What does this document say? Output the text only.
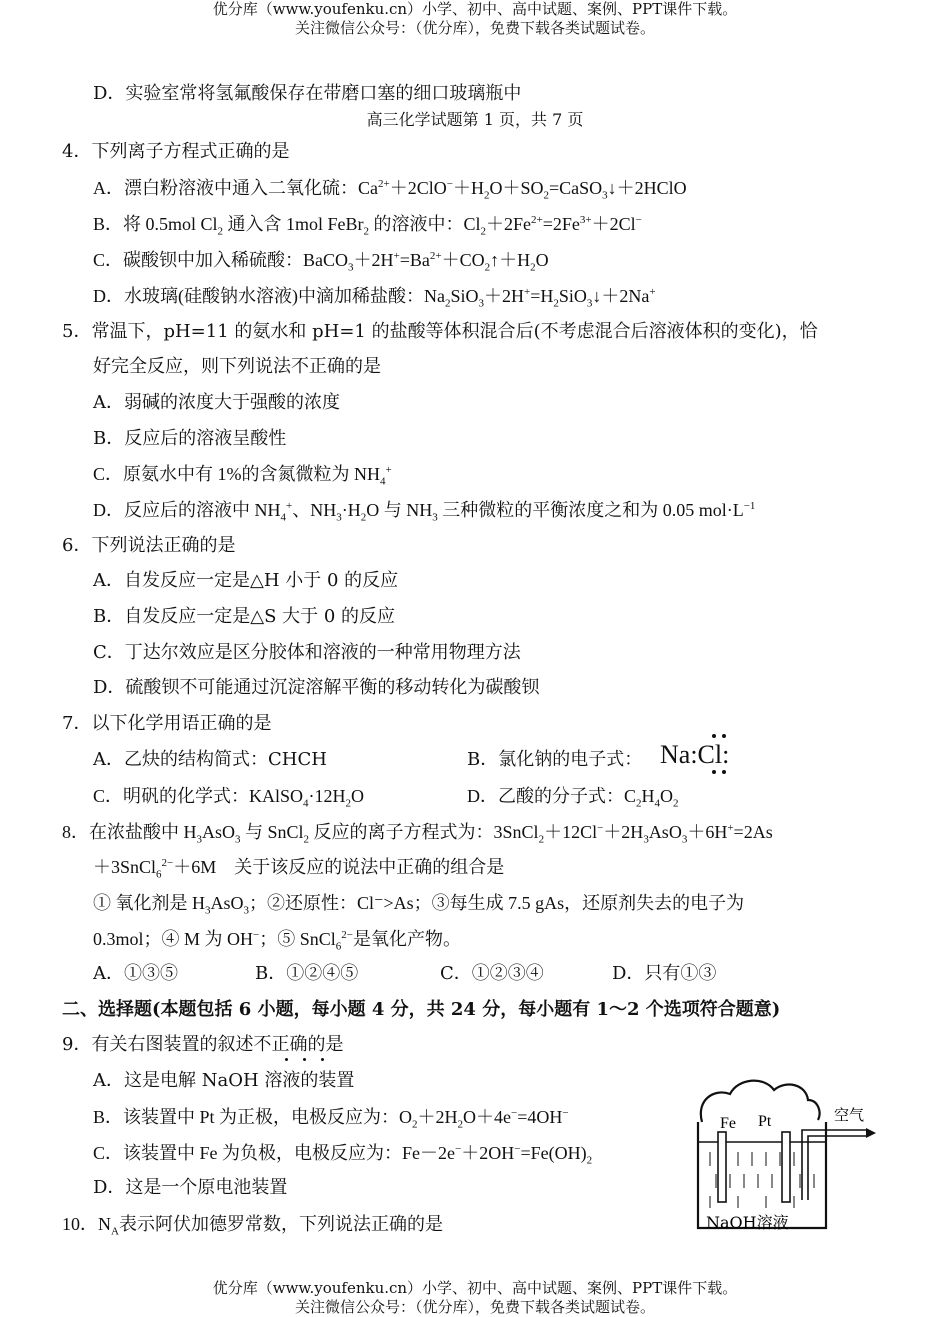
优分库（www.youfenku.cn）小学、初中、高中试题、案例、PPT课件下载。
关注微信公众号：（优分库），免费下载各类试题试卷。
D．实验室常将氢氟酸保存在带磨口塞的细口玻璃瓶中
高三化学试题第 1 页，共 7 页
4．下列离子方程式正确的是
A．漂白粉溶液中通入二氧化硫：$Ca^{2+}+2ClO^-+H_2O+SO_2=CaSO_3↓+2HClO$
B．将 0.5mol $Cl_2$ 通入含 1mol FeBr$_2$ 的溶液中：$Cl_2+2Fe^{2+}=2Fe^{3+}+2Cl^-$
C．碳酸钡中加入稀硫酸：$BaCO_3+2H^+=Ba^{2+}+CO_2↑+H_2O$
D．水玻璃(硅酸钠水溶液)中滴加稀盐酸：$Na_2SiO_3+2H^+=H_2SiO_3↓+2Na^+$
5．常温下，pH=11 的氨水和 pH=1 的盐酸等体积混合后(不考虑混合后溶液体积的变化)，恰
好完全反应，则下列说法不正确的是
A．弱碱的浓度大于强酸的浓度
B．反应后的溶液呈酸性
C．原氨水中有 1%的含氮微粒为 $NH_4^+$
D．反应后的溶液中 $NH_4^+$、$NH_3\cdot H_2O$ 与 $NH_3$ 三种微粒的平衡浓度之和为 0.05 $mol\cdot L^{-1}$
6．下列说法正确的是
A．自发反应一定是△H 小于 0 的反应
B．自发反应一定是△S 大于 0 的反应
C．丁达尔效应是区分胶体和溶液的一种常用物理方法
D．硫酸钡不可能通过沉淀溶解平衡的移动转化为碳酸钡
7．以下化学用语正确的是
A．乙炔的结构简式：CHCH	B．氯化钠的电子式： Na:Cl:
C．明矾的化学式：$KAlSO_4\cdot 12H_2O$	D．乙酸的分子式：$C_2H_4O_2$
8．在浓盐酸中 $H_3AsO_3$ 与 SnCl$_2$ 反应的离子方程式为：$3SnCl_2+12Cl^-+2H_3AsO_3+6H^+=2As$
＋3SnCl$_6^{2-}$＋6M　关于该反应的说法中正确的组合是
① 氧化剂是 $H_3AsO_3$；②还原性：Cl⁻>As；③每生成 7.5 gAs，还原剂失去的电子为
0.3mol；④ M 为 OH−；⑤ SnCl$_6^{2-}$是氧化产物。
A．①③⑤	B．①②④⑤	C．①②③④	D．只有①③
二、选择题(本题包括 6 小题，每小题 4 分，共 24 分，每小题有 1～2 个选项符合题意)
9．有关右图装置的叙述不正确的是
A．这是电解 NaOH 溶液的装置
B．该装置中 Pt 为正极，电极反应为：$O_2+2H_2O+4e^-=4OH^-$
C．该装置中 Fe 为负极，电极反应为：$Fe-2e^-+2OH^-=Fe(OH)_2$
D．这是一个原电池装置
Fe Pt	空气
NaOH溶液
10．$N_A$表示阿伏加德罗常数，下列说法正确的是
优分库（www.youfenku.cn）小学、初中、高中试题、案例、PPT课件下载。
关注微信公众号：（优分库），免费下载各类试题试卷。
